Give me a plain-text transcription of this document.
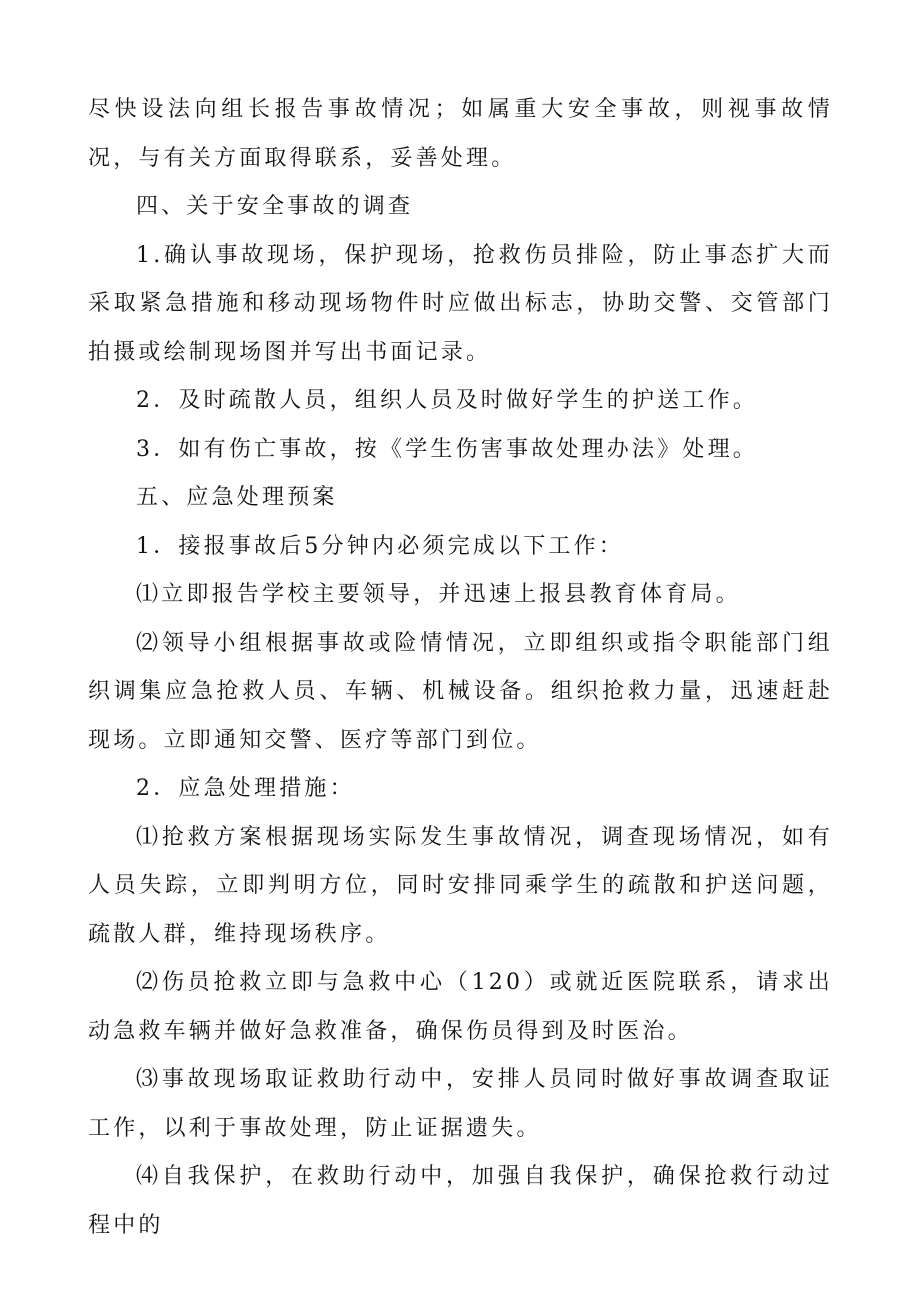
尽快设法向组长报告事故情况；如属重大安全事故，则视事故情况，与有关方面取得联系，妥善处理。

四、关于安全事故的调查

1.确认事故现场，保护现场，抢救伤员排险，防止事态扩大而采取紧急措施和移动现场物件时应做出标志，协助交警、交管部门拍摄或绘制现场图并写出书面记录。

2．及时疏散人员，组织人员及时做好学生的护送工作。

3．如有伤亡事故，按《学生伤害事故处理办法》处理。

五、应急处理预案

1．接报事故后5分钟内必须完成以下工作：

⑴立即报告学校主要领导，并迅速上报县教育体育局。

⑵领导小组根据事故或险情情况，立即组织或指令职能部门组织调集应急抢救人员、车辆、机械设备。组织抢救力量，迅速赶赴现场。立即通知交警、医疗等部门到位。

2．应急处理措施：

⑴抢救方案根据现场实际发生事故情况，调查现场情况，如有人员失踪，立即判明方位，同时安排同乘学生的疏散和护送问题，疏散人群，维持现场秩序。

⑵伤员抢救立即与急救中心（120）或就近医院联系，请求出动急救车辆并做好急救准备，确保伤员得到及时医治。

⑶事故现场取证救助行动中，安排人员同时做好事故调查取证工作，以利于事故处理，防止证据遗失。

⑷自我保护，在救助行动中，加强自我保护，确保抢救行动过程中的
